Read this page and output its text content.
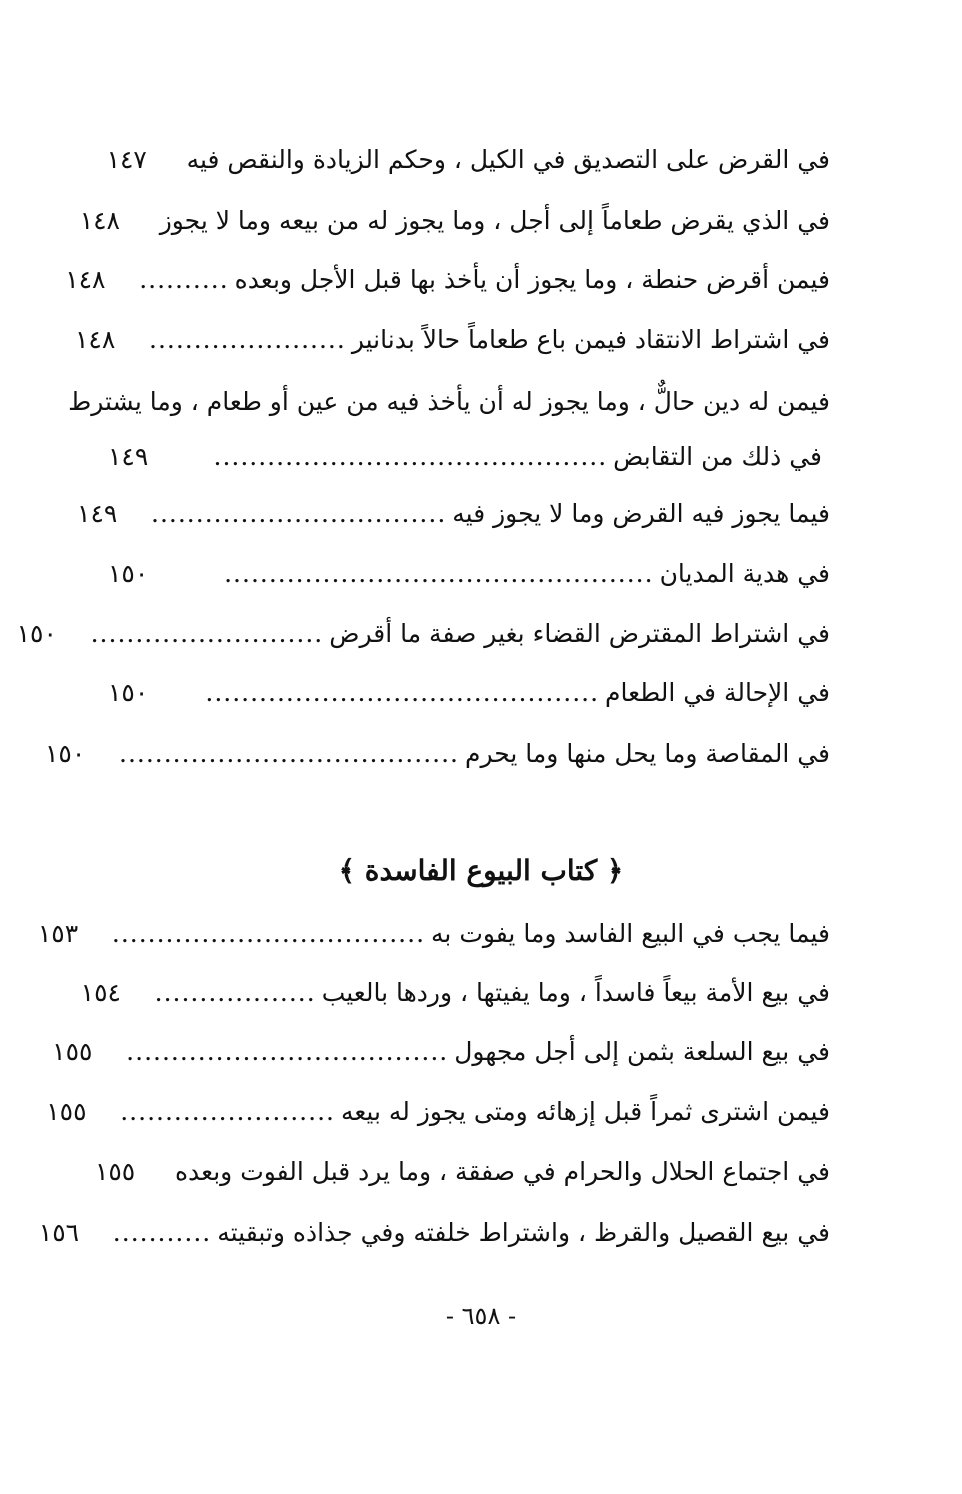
في القرض على التصديق في الكيل ، وحكم الزيادة والنقص فيه
١٤٧
في الذي يقرض طعاماً إلى أجل ، وما يجوز له من بيعه وما لا يجوز
١٤٨
فيمن أقرض حنطة ، وما يجوز أن يأخذ بها قبل الأجل وبعده
..........
١٤٨
في اشتراط الانتقاد فيمن باع طعاماً حالاً بدنانير
......................
١٤٨
فيمن له دين حالٌّ ، وما يجوز له أن يأخذ فيه من عين أو طعام ، وما يشترط
في ذلك من التقابض
............................................
١٤٩
فيما يجوز فيه القرض وما لا يجوز فيه
.................................
١٤٩
في هدية المديان
................................................
١٥٠
في اشتراط المقترض القضاء بغير صفة ما أقرض
..........................
١٥٠
في الإحالة في الطعام
............................................
١٥٠
في المقاصة وما يحل منها وما يحرم
......................................
١٥٠
﴿ كتاب البيوع الفاسدة ﴾
فيما يجب في البيع الفاسد وما يفوت به
...................................
١٥٣
في بيع الأمة بيعاً فاسداً ، وما يفيتها ، وردها بالعيب
..................
١٥٤
في بيع السلعة بثمن إلى أجل مجهول
....................................
١٥٥
فيمن اشترى ثمراً قبل إزهائه ومتى يجوز له بيعه
........................
١٥٥
في اجتماع الحلال والحرام في صفقة ، وما يرد قبل الفوت وبعده
١٥٥
في بيع القصيل والقرظ ، واشتراط خلفته وفي جذاذه وتبقيته
...........
١٥٦
- ٦٥٨ -
